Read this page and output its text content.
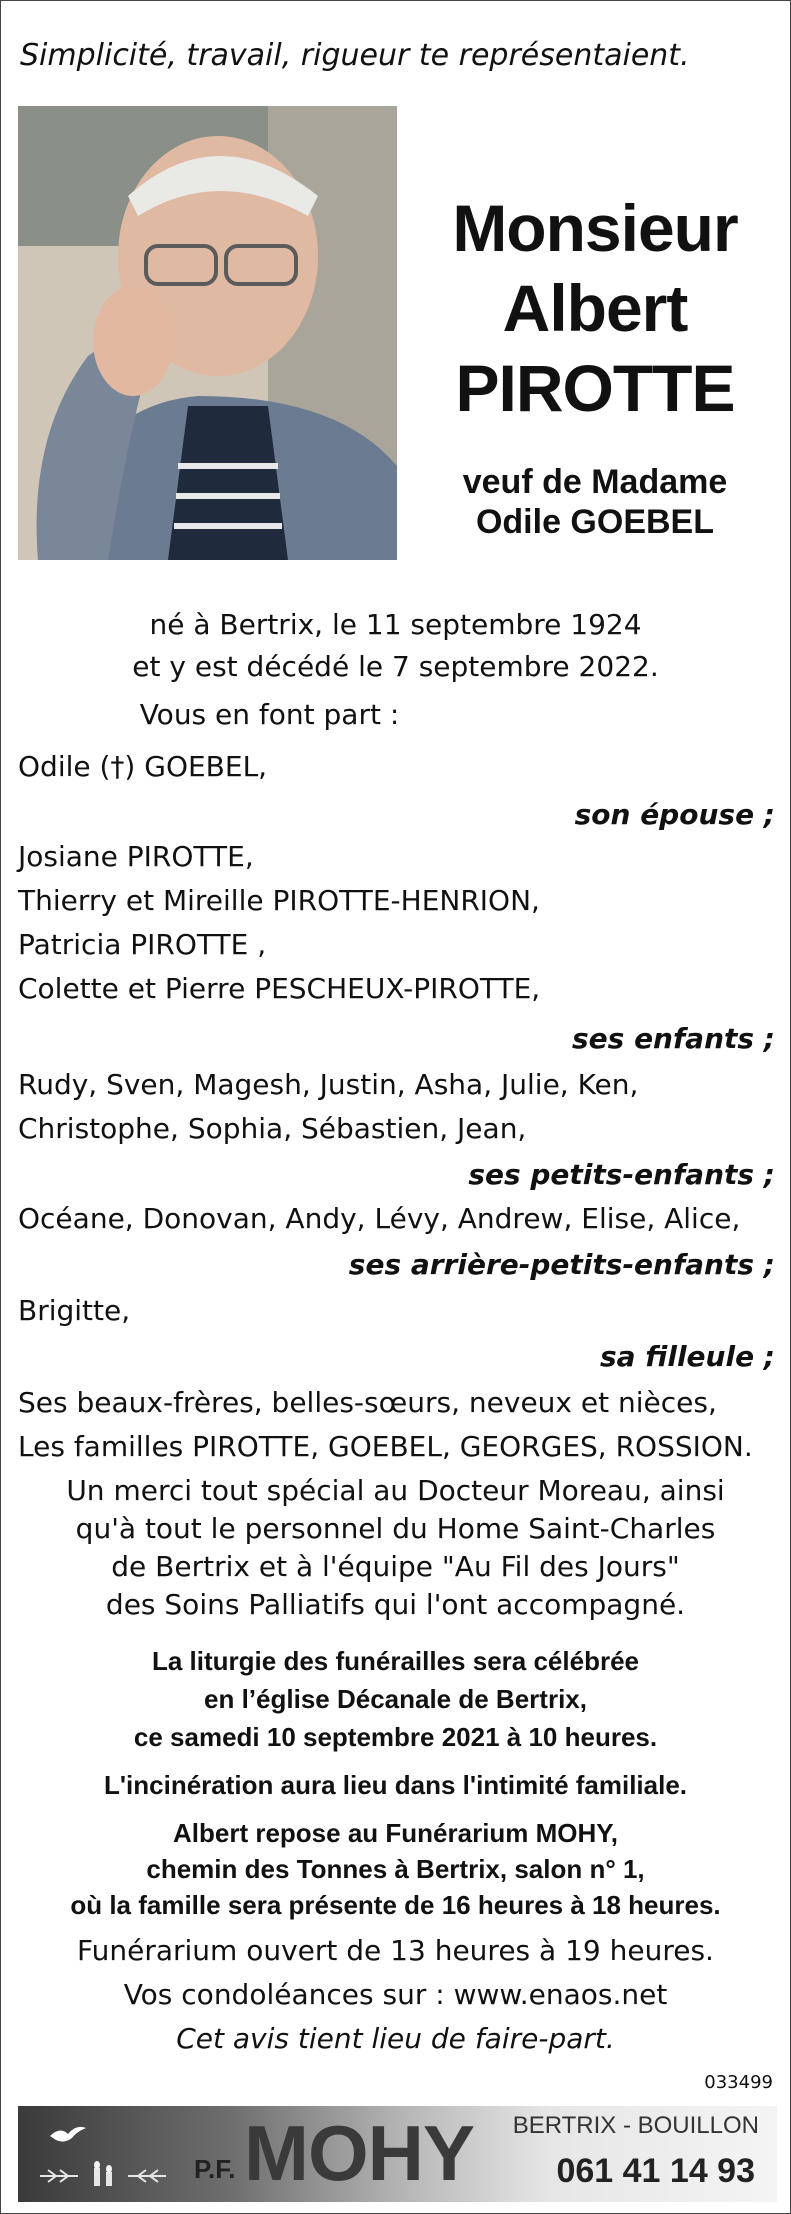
Simplicité, travail, rigueur te représentaient.
Monsieur
Albert
PIROTTE
veuf de Madame
Odile GOEBEL
né à Bertrix, le 11 septembre 1924
et y est décédé le 7 septembre 2022.
Vous en font part :
Odile (†) GOEBEL,
son épouse ;
Josiane PIROTTE,
Thierry et Mireille PIROTTE-HENRION,
Patricia PIROTTE ,
Colette et Pierre PESCHEUX-PIROTTE,
ses enfants ;
Rudy, Sven, Magesh, Justin, Asha, Julie, Ken,
Christophe, Sophia, Sébastien, Jean,
ses petits-enfants ;
Océane, Donovan, Andy, Lévy, Andrew, Elise, Alice,
ses arrière-petits-enfants ;
Brigitte,
sa filleule ;
Ses beaux-frères, belles-sœurs, neveux et nièces,
Les familles PIROTTE, GOEBEL, GEORGES, ROSSION.
Un merci tout spécial au Docteur Moreau, ainsi
qu'à tout le personnel du Home Saint-Charles
de Bertrix et à l'équipe "Au Fil des Jours"
des Soins Palliatifs qui l'ont accompagné.
La liturgie des funérailles sera célébrée
en l’église Décanale de Bertrix,
ce samedi 10 septembre 2021 à 10 heures.
L'incinération aura lieu dans l'intimité familiale.
Albert repose au Funérarium MOHY,
chemin des Tonnes à Bertrix, salon n° 1,
où la famille sera présente de 16 heures à 18 heures.
Funérarium ouvert de 13 heures à 19 heures.
Vos condoléances sur : www.enaos.net
Cet avis tient lieu de faire-part.
033499
P.F. MOHY BERTRIX - BOUILLON
061 41 14 93
